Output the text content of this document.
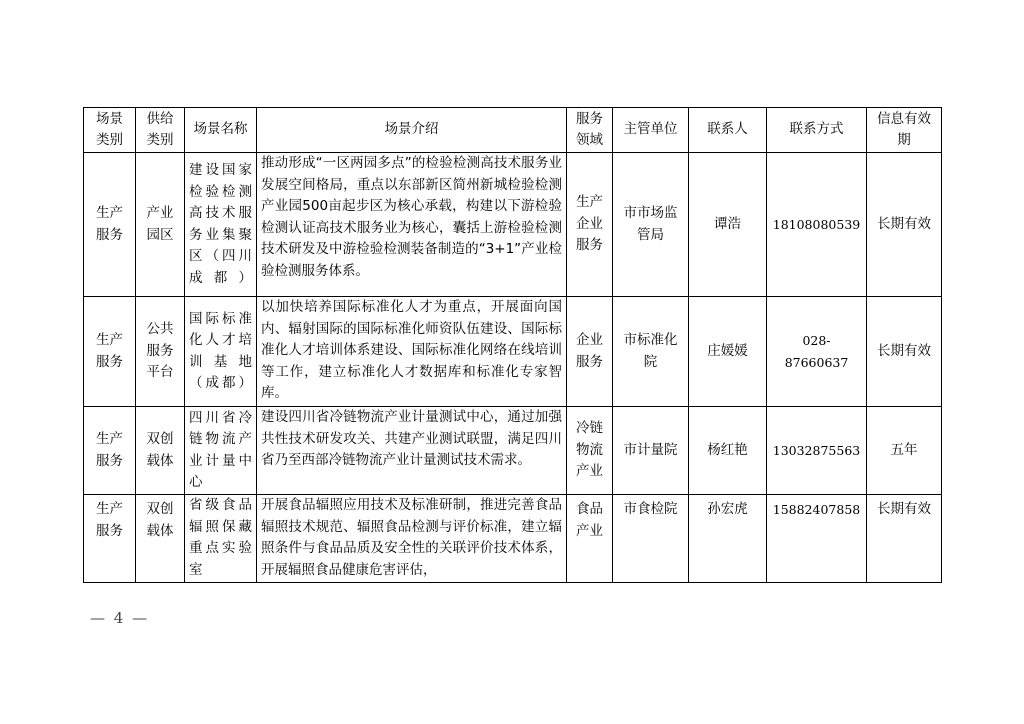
场景类别	供给类别	场景名称	场景介绍	服务领域	主管单位	联系人	联系方式	信息有效期
生产服务	产业园区	建设国家检验检测高技术服务业集聚区（四川成都）	推动形成“一区两园多点”的检验检测高技术服务业发展空间格局，重点以东部新区简州新城检验检测产业园500亩起步区为核心承载，构建以下游检验检测认证高技术服务业为核心，囊括上游检验检测技术研发及中游检验检测装备制造的“3+1”产业检验检测服务体系。	生产企业服务	市市场监管局	谭浩	18108080539	长期有效
生产服务	公共服务平台	国际标准化人才培训基地（成都）	以加快培养国际标准化人才为重点，开展面向国内、辐射国际的国际标准化师资队伍建设、国际标准化人才培训体系建设、国际标准化网络在线培训等工作，建立标准化人才数据库和标准化专家智库。	企业服务	市标准化院	庄媛媛	028-87660637	长期有效
生产服务	双创载体	四川省冷链物流产业计量中心	建设四川省冷链物流产业计量测试中心，通过加强共性技术研发攻关、共建产业测试联盟，满足四川省乃至西部冷链物流产业计量测试技术需求。	冷链物流产业	市计量院	杨红艳	13032875563	五年
生产服务	双创载体	省级食品辐照保藏重点实验室	开展食品辐照应用技术及标准研制，推进完善食品辐照技术规范、辐照食品检测与评价标准，建立辐照条件与食品品质及安全性的关联评价技术体系，开展辐照食品健康危害评估，	食品产业	市食检院	孙宏虎	15882407858	长期有效
— 4 —
